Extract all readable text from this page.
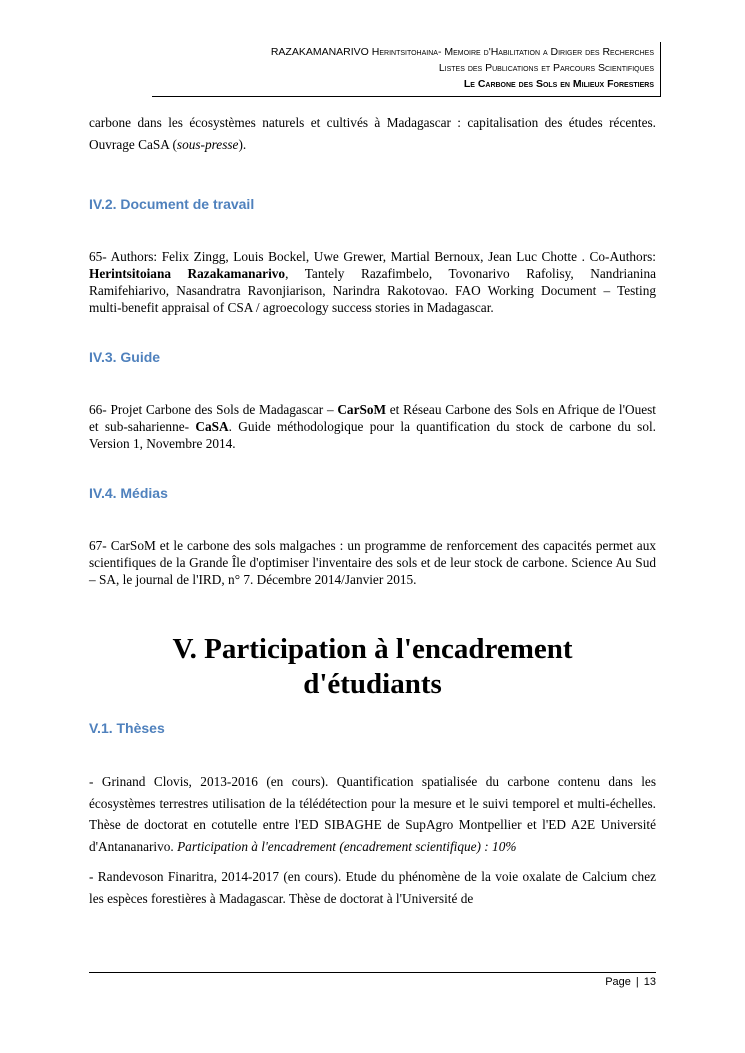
RAZAKAMANARIVO Herintsitohaina- Memoire d'Habilitation a Diriger des Recherches
Listes des Publications et Parcours Scientifiques
Le Carbone des Sols en Milieux Forestiers

carbone dans les écosystèmes naturels et cultivés à Madagascar : capitalisation des études récentes. Ouvrage CaSA (sous-presse).

IV.2. Document de travail

65- Authors: Felix Zingg, Louis Bockel, Uwe Grewer, Martial Bernoux, Jean Luc Chotte . Co-Authors: Herintsitoiana Razakamanarivo, Tantely Razafimbelo, Tovonarivo Rafolisy, Nandrianina Ramifehiarivo, Nasandratra Ravonjiarison, Narindra Rakotovao. FAO Working Document – Testing multi-benefit appraisal of CSA / agroecology success stories in Madagascar.

IV.3. Guide

66- Projet Carbone des Sols de Madagascar – CarSoM et Réseau Carbone des Sols en Afrique de l'Ouest et sub-saharienne- CaSA. Guide méthodologique pour la quantification du stock de carbone du sol. Version 1, Novembre 2014.

IV.4. Médias

67- CarSoM et le carbone des sols malgaches : un programme de renforcement des capacités permet aux scientifiques de la Grande Île d'optimiser l'inventaire des sols et de leur stock de carbone. Science Au Sud – SA, le journal de l'IRD, n° 7. Décembre 2014/Janvier 2015.

V. Participation à l'encadrement
d'étudiants
V.1. Thèses

- Grinand Clovis, 2013-2016 (en cours). Quantification spatialisée du carbone contenu dans les écosystèmes terrestres utilisation de la télédétection pour la mesure et le suivi temporel et multi-échelles. Thèse de doctorat en cotutelle entre l'ED SIBAGHE de SupAgro Montpellier et l'ED A2E Université d'Antananarivo. Participation à l'encadrement (encadrement scientifique) : 10%

- Randevoson Finaritra, 2014-2017 (en cours). Etude du phénomène de la voie oxalate de Calcium chez les espèces forestières à Madagascar. Thèse de doctorat à l'Université de

Page | 13
